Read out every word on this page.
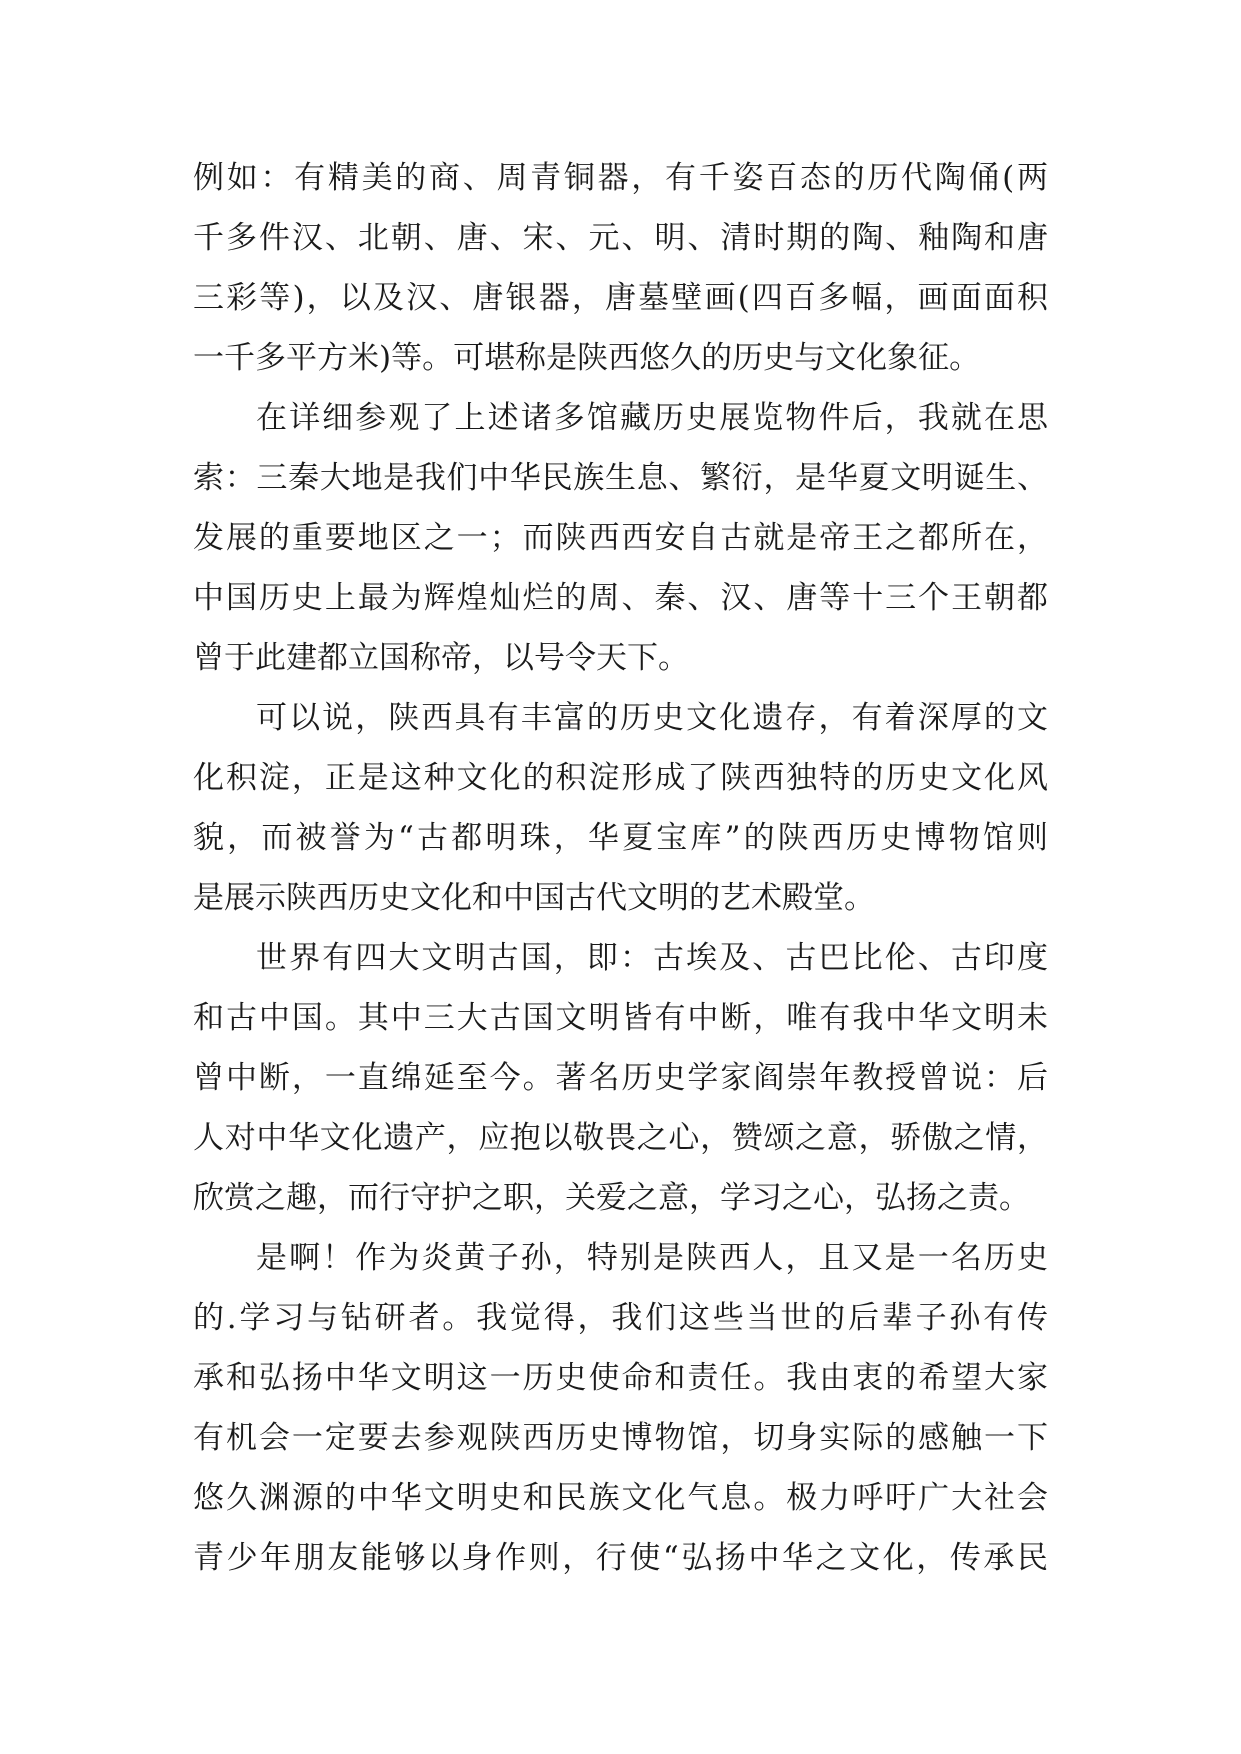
例如：有精美的商、周青铜器，有千姿百态的历代陶俑(两
千多件汉、北朝、唐、宋、元、明、清时期的陶、釉陶和唐
三彩等)，以及汉、唐银器，唐墓壁画(四百多幅，画面面积
一千多平方米)等。可堪称是陕西悠久的历史与文化象征。
在详细参观了上述诸多馆藏历史展览物件后，我就在思
索：三秦大地是我们中华民族生息、繁衍，是华夏文明诞生、
发展的重要地区之一；而陕西西安自古就是帝王之都所在，
中国历史上最为辉煌灿烂的周、秦、汉、唐等十三个王朝都
曾于此建都立国称帝，以号令天下。
可以说，陕西具有丰富的历史文化遗存，有着深厚的文
化积淀，正是这种文化的积淀形成了陕西独特的历史文化风
貌，而被誉为“古都明珠，华夏宝库”的陕西历史博物馆则
是展示陕西历史文化和中国古代文明的艺术殿堂。
世界有四大文明古国，即：古埃及、古巴比伦、古印度
和古中国。其中三大古国文明皆有中断，唯有我中华文明未
曾中断，一直绵延至今。著名历史学家阎崇年教授曾说：后
人对中华文化遗产，应抱以敬畏之心，赞颂之意，骄傲之情，
欣赏之趣，而行守护之职，关爱之意，学习之心，弘扬之责。
是啊！作为炎黄子孙，特别是陕西人，且又是一名历史
的.学习与钻研者。我觉得，我们这些当世的后辈子孙有传
承和弘扬中华文明这一历史使命和责任。我由衷的希望大家
有机会一定要去参观陕西历史博物馆，切身实际的感触一下
悠久渊源的中华文明史和民族文化气息。极力呼吁广大社会
青少年朋友能够以身作则，行使“弘扬中华之文化，传承民
